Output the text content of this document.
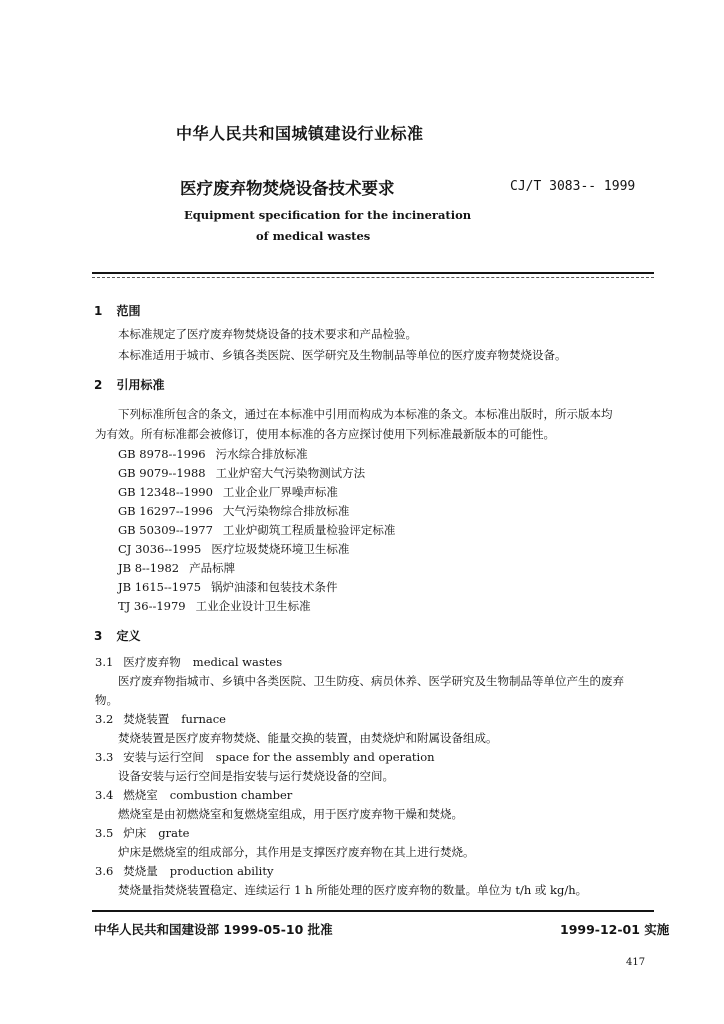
中华人民共和国城镇建设行业标准
医疗废弃物焚烧设备技术要求	CJ/T 3083-- 1999
Equipment specification for the incineration
of medical wastes
1 范围
本标准规定了医疗废弃物焚烧设备的技术要求和产品检验。
本标准适用于城市、乡镇各类医院、医学研究及生物制品等单位的医疗废弃物焚烧设备。
2 引用标准
下列标准所包含的条文，通过在本标准中引用而构成为本标准的条文。本标准出版时，所示版本均
为有效。所有标准都会被修订，使用本标准的各方应探讨使用下列标准最新版本的可能性。
GB 8978--1996 污水综合排放标准
GB 9079--1988 工业炉窑大气污染物测试方法
GB 12348--1990 工业企业厂界噪声标准
GB 16297--1996 大气污染物综合排放标准
GB 50309--1977 工业炉砌筑工程质量检验评定标准
CJ 3036--1995 医疗垃圾焚烧环境卫生标准
JB 8--1982 产品标牌
JB 1615--1975 锅炉油漆和包装技术条件
TJ 36--1979 工业企业设计卫生标准
3 定义
3.1 医疗废弃物 medical wastes
医疗废弃物指城市、乡镇中各类医院、卫生防疫、病员休养、医学研究及生物制品等单位产生的废弃
物。
3.2 焚烧装置 furnace
焚烧装置是医疗废弃物焚烧、能量交换的装置，由焚烧炉和附属设备组成。
3.3 安装与运行空间 space for the assembly and operation
设备安装与运行空间是指安装与运行焚烧设备的空间。
3.4 燃烧室 combustion chamber
燃烧室是由初燃烧室和复燃烧室组成，用于医疗废弃物干燥和焚烧。
3.5 炉床 grate
炉床是燃烧室的组成部分，其作用是支撑医疗废弃物在其上进行焚烧。
3.6 焚烧量 production ability
焚烧量指焚烧装置稳定、连续运行 1 h 所能处理的医疗废弃物的数量。单位为 t/h 或 kg/h。
中华人民共和国建设部 1999-05-10 批准	1999-12-01 实施
417
